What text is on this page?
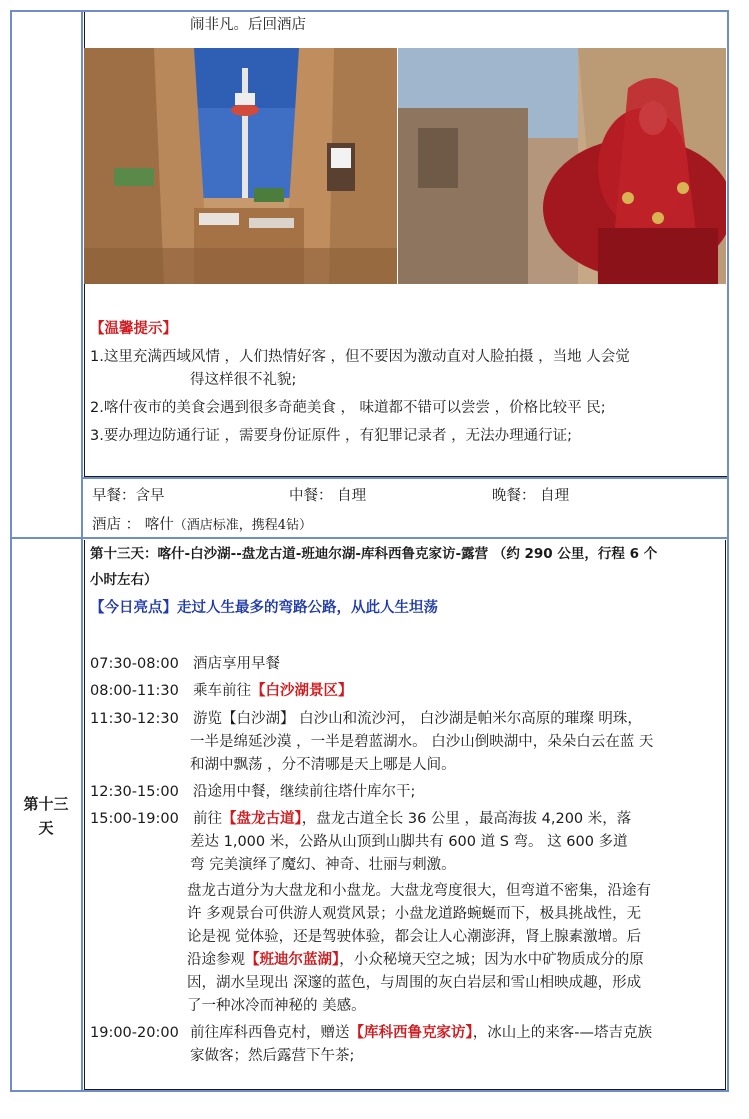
闹非凡。后回酒店
【温馨提示】
1.这里充满西域风情 ，人们热情好客 ，但不要因为激动直对人脸拍摄 ，当地 人会觉
得这样很不礼貌;
2.喀什夜市的美食会遇到很多奇葩美食 ， 味道都不错可以尝尝 ，价格比较平 民;
3.要办理边防通行证 ，需要身份证原件 ，有犯罪记录者 ，无法办理通行证;
早餐：含早	中餐： 自理	晚餐： 自理
酒店 ： 喀什（酒店标准，携程4钻）
第十三
天
第十三天：喀什-白沙湖--盘龙古道-班迪尔湖-库科西鲁克家访-露营 （约 290 公里，行程 6 个
小时左右）
【今日亮点】走过人生最多的弯路公路，从此人生坦荡
07:30-08:00 酒店享用早餐
08:00-11:30 乘车前往【白沙湖景区】
11:30-12:30 游览【白沙湖】 白沙山和流沙河， 白沙湖是帕米尔高原的璀璨 明珠，
一半是绵延沙漠 ，一半是碧蓝湖水。 白沙山倒映湖中，朵朵白云在蓝 天
和湖中飘荡 ，分不清哪是天上哪是人间。
12:30-15:00 沿途用中餐，继续前往塔什库尔干;
15:00-19:00 前往【盘龙古道】，盘龙古道全长 36 公里 ，最高海拔 4,200 米，落
差达 1,000 米，公路从山顶到山脚共有 600 道 S 弯。 这 600 多道
弯 完美演绎了魔幻、神奇、壮丽与刺激。
盘龙古道分为大盘龙和小盘龙。大盘龙弯度很大，但弯道不密集，沿途有
许 多观景台可供游人观赏风景；小盘龙道路蜿蜒而下，极具挑战性，无
论是视 觉体验，还是驾驶体验，都会让人心潮澎湃，肾上腺素激增。后
沿途参观【班迪尔蓝湖】，小众秘境天空之城；因为水中矿物质成分的原
因，湖水呈现出 深邃的蓝色，与周围的灰白岩层和雪山相映成趣，形成
了一种冰冷而神秘的 美感。
19:00-20:00 前往库科西鲁克村，赠送【库科西鲁克家访】，冰山上的来客-—塔吉克族
家做客；然后露营下午茶;
